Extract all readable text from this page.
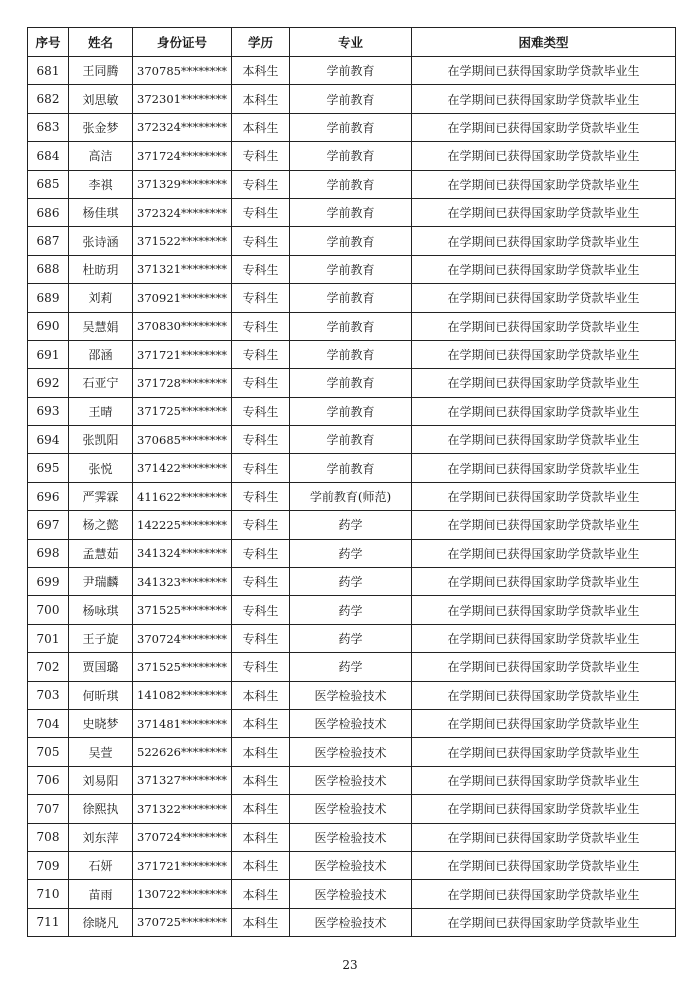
序号	姓名	身份证号	学历	专业	困难类型
681	王同腾	370785********	本科生	学前教育	在学期间已获得国家助学贷款毕业生
682	刘思敏	372301********	本科生	学前教育	在学期间已获得国家助学贷款毕业生
683	张金梦	372324********	本科生	学前教育	在学期间已获得国家助学贷款毕业生
684	高洁	371724********	专科生	学前教育	在学期间已获得国家助学贷款毕业生
685	李祺	371329********	专科生	学前教育	在学期间已获得国家助学贷款毕业生
686	杨佳琪	372324********	专科生	学前教育	在学期间已获得国家助学贷款毕业生
687	张诗涵	371522********	专科生	学前教育	在学期间已获得国家助学贷款毕业生
688	杜昉玥	371321********	专科生	学前教育	在学期间已获得国家助学贷款毕业生
689	刘莉	370921********	专科生	学前教育	在学期间已获得国家助学贷款毕业生
690	吴慧娟	370830********	专科生	学前教育	在学期间已获得国家助学贷款毕业生
691	邵涵	371721********	专科生	学前教育	在学期间已获得国家助学贷款毕业生
692	石亚宁	371728********	专科生	学前教育	在学期间已获得国家助学贷款毕业生
693	王晴	371725********	专科生	学前教育	在学期间已获得国家助学贷款毕业生
694	张凯阳	370685********	专科生	学前教育	在学期间已获得国家助学贷款毕业生
695	张悦	371422********	专科生	学前教育	在学期间已获得国家助学贷款毕业生
696	严霁霖	411622********	专科生	学前教育(师范)	在学期间已获得国家助学贷款毕业生
697	杨之懿	142225********	专科生	药学	在学期间已获得国家助学贷款毕业生
698	孟慧茹	341324********	专科生	药学	在学期间已获得国家助学贷款毕业生
699	尹瑞麟	341323********	专科生	药学	在学期间已获得国家助学贷款毕业生
700	杨咏琪	371525********	专科生	药学	在学期间已获得国家助学贷款毕业生
701	王子旋	370724********	专科生	药学	在学期间已获得国家助学贷款毕业生
702	贾国璐	371525********	专科生	药学	在学期间已获得国家助学贷款毕业生
703	何昕琪	141082********	本科生	医学检验技术	在学期间已获得国家助学贷款毕业生
704	史晓梦	371481********	本科生	医学检验技术	在学期间已获得国家助学贷款毕业生
705	吴萱	522626********	本科生	医学检验技术	在学期间已获得国家助学贷款毕业生
706	刘易阳	371327********	本科生	医学检验技术	在学期间已获得国家助学贷款毕业生
707	徐熙执	371322********	本科生	医学检验技术	在学期间已获得国家助学贷款毕业生
708	刘东萍	370724********	本科生	医学检验技术	在学期间已获得国家助学贷款毕业生
709	石妍	371721********	本科生	医学检验技术	在学期间已获得国家助学贷款毕业生
710	苗雨	130722********	本科生	医学检验技术	在学期间已获得国家助学贷款毕业生
711	徐晓凡	370725********	本科生	医学检验技术	在学期间已获得国家助学贷款毕业生
23
